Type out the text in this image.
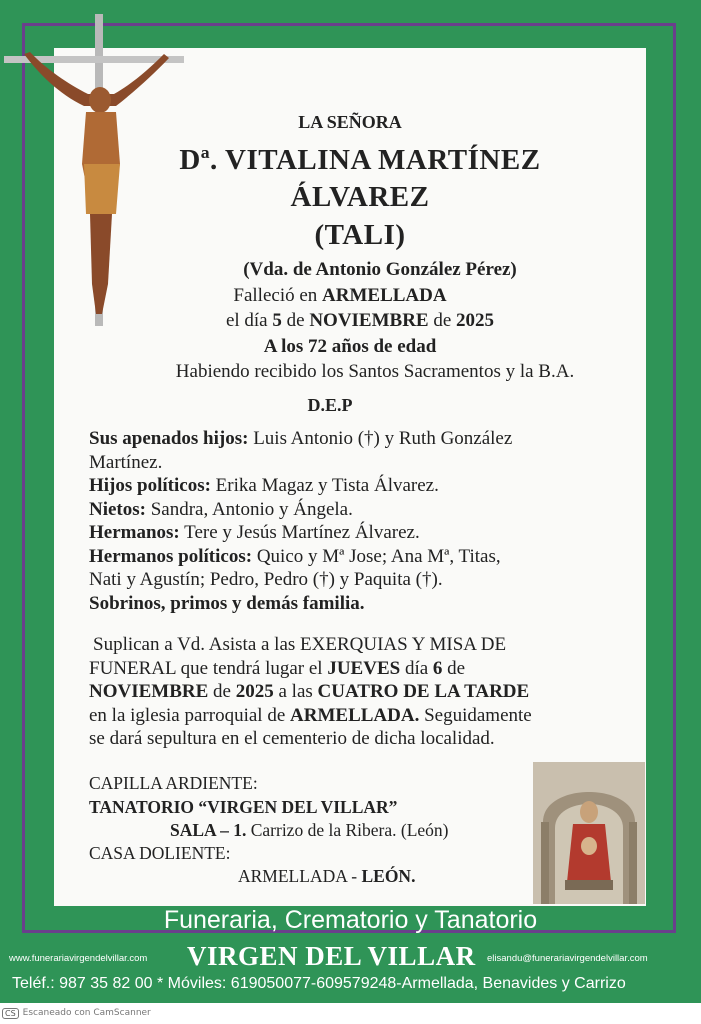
LA SEÑORA
Dª. VITALINA MARTÍNEZ
ÁLVAREZ
(TALI)
(Vda. de Antonio González Pérez)
Falleció en ARMELLADA
el día 5 de NOVIEMBRE de 2025
A los 72 años de edad
Habiendo recibido los Santos Sacramentos y la B.A.
D.E.P
Sus apenados hijos: Luis Antonio (†) y Ruth González
Martínez.
Hijos políticos: Erika Magaz y Tista Álvarez.
Nietos: Sandra, Antonio y Ángela.
Hermanos: Tere y Jesús Martínez Álvarez.
Hermanos políticos: Quico y Mª Jose; Ana Mª, Titas,
Nati y Agustín; Pedro, Pedro (†) y Paquita (†).
Sobrinos, primos y demás familia.
Suplican a Vd. Asista a las EXERQUIAS Y MISA DE
FUNERAL que tendrá lugar el JUEVES día 6 de
NOVIEMBRE de 2025 a las CUATRO DE LA TARDE
en la iglesia parroquial de ARMELLADA. Seguidamente
se dará sepultura en el cementerio de dicha localidad.
CAPILLA ARDIENTE:
TANATORIO “VIRGEN DEL VILLAR”
SALA – 1. Carrizo de la Ribera. (León)
CASA DOLIENTE:
ARMELLADA - LEÓN.
Funeraria, Crematorio y Tanatorio
www.funerariavirgendelvillar.com VIRGEN DEL VILLAR elisandu@funerariavirgendelvillar.com
Teléf.: 987 35 82 00 * Móviles: 619050077-609579248-Armellada, Benavides y Carrizo
CS Escaneado con CamScanner
